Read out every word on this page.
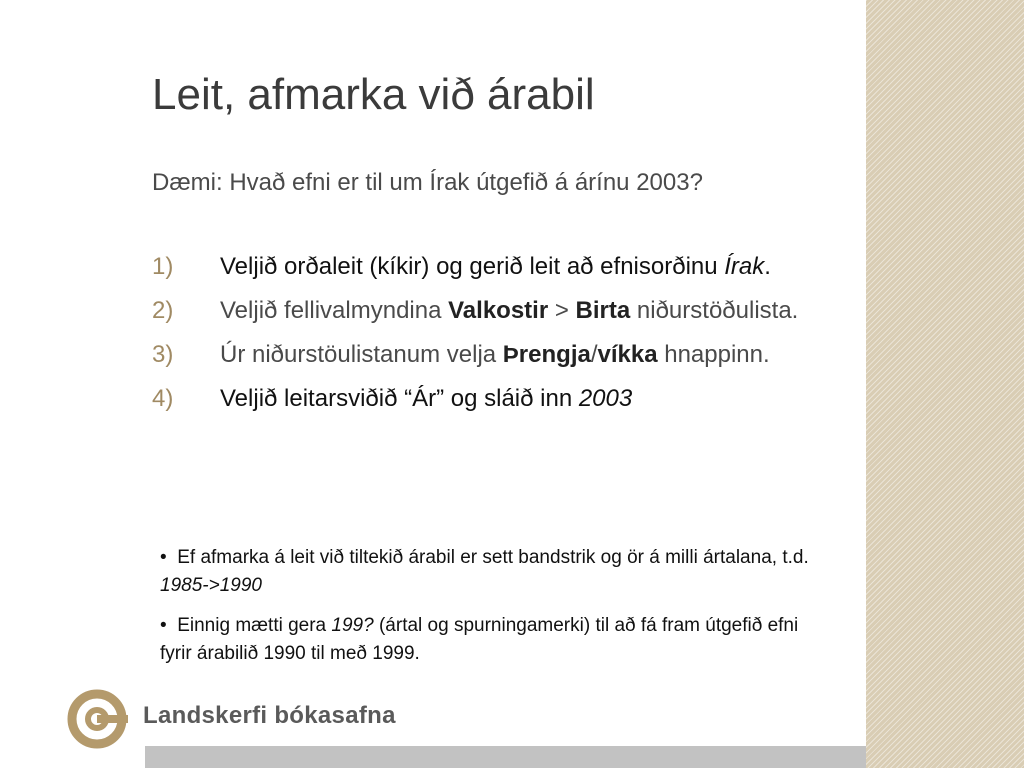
Leit, afmarka við árabil

Dæmi: Hvað efni er til um Írak útgefið á árínu 2003?

1) Veljið orðaleit (kíkir) og gerið leit að efnisorðinu Írak.
2) Veljið fellivalmyndina Valkostir > Birta niðurstöðulista.
3) Úr niðurstöulistanum velja Þrengja/víkka hnappinn.
4) Veljið leitarsviðið “Ár” og sláið inn 2003

• Ef afmarka á leit við tiltekið árabil er sett bandstrik og ör á milli ártalana, t.d. 1985->1990

• Einnig mætti gera 199? (ártal og spurningamerki) til að fá fram útgefið efni fyrir árabilið 1990 til með 1999.

Landskerfi bókasafna
